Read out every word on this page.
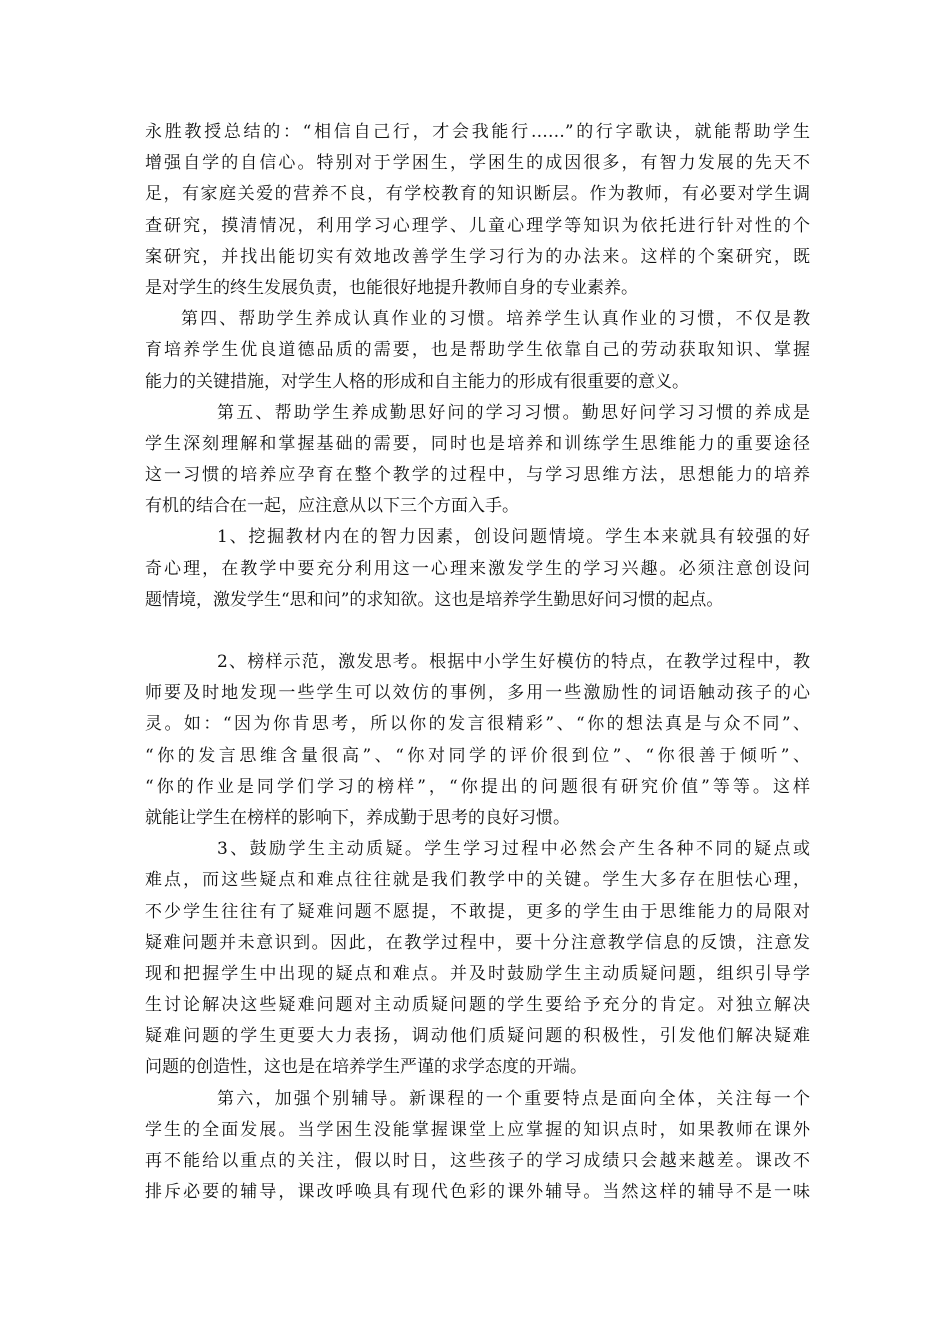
永胜教授总结的：“相信自己行，才会我能行……”的行字歌诀，就能帮助学生
增强自学的自信心。特别对于学困生，学困生的成因很多，有智力发展的先天不
足，有家庭关爱的营养不良，有学校教育的知识断层。作为教师，有必要对学生调
查研究，摸清情况，利用学习心理学、儿童心理学等知识为依托进行针对性的个
案研究，并找出能切实有效地改善学生学习行为的办法来。这样的个案研究，既
是对学生的终生发展负责，也能很好地提升教师自身的专业素养。
第四、帮助学生养成认真作业的习惯。培养学生认真作业的习惯，不仅是教
育培养学生优良道德品质的需要，也是帮助学生依靠自己的劳动获取知识、掌握
能力的关键措施，对学生人格的形成和自主能力的形成有很重要的意义。
第五、帮助学生养成勤思好问的学习习惯。勤思好问学习习惯的养成是
学生深刻理解和掌握基础的需要，同时也是培养和训练学生思维能力的重要途径
这一习惯的培养应孕育在整个教学的过程中，与学习思维方法，思想能力的培养
有机的结合在一起，应注意从以下三个方面入手。
1、挖掘教材内在的智力因素，创设问题情境。学生本来就具有较强的好
奇心理，在教学中要充分利用这一心理来激发学生的学习兴趣。必须注意创设问
题情境，激发学生“思和问”的求知欲。这也是培养学生勤思好问习惯的起点。
2、榜样示范，激发思考。根据中小学生好模仿的特点，在教学过程中，教
师要及时地发现一些学生可以效仿的事例，多用一些激励性的词语触动孩子的心
灵。如：“因为你肯思考，所以你的发言很精彩”、“你的想法真是与众不同”、
“你的发言思维含量很高”、“你对同学的评价很到位”、“你很善于倾听”、
“你的作业是同学们学习的榜样”，“你提出的问题很有研究价值”等等。这样
就能让学生在榜样的影响下，养成勤于思考的良好习惯。
3、鼓励学生主动质疑。学生学习过程中必然会产生各种不同的疑点或
难点，而这些疑点和难点往往就是我们教学中的关键。学生大多存在胆怯心理，
不少学生往往有了疑难问题不愿提，不敢提，更多的学生由于思维能力的局限对
疑难问题并未意识到。因此，在教学过程中，要十分注意教学信息的反馈，注意发
现和把握学生中出现的疑点和难点。并及时鼓励学生主动质疑问题，组织引导学
生讨论解决这些疑难问题对主动质疑问题的学生要给予充分的肯定。对独立解决
疑难问题的学生更要大力表扬，调动他们质疑问题的积极性，引发他们解决疑难
问题的创造性，这也是在培养学生严谨的求学态度的开端。
第六，加强个别辅导。新课程的一个重要特点是面向全体，关注每一个
学生的全面发展。当学困生没能掌握课堂上应掌握的知识点时，如果教师在课外
再不能给以重点的关注，假以时日，这些孩子的学习成绩只会越来越差。课改不
排斥必要的辅导，课改呼唤具有现代色彩的课外辅导。当然这样的辅导不是一味
